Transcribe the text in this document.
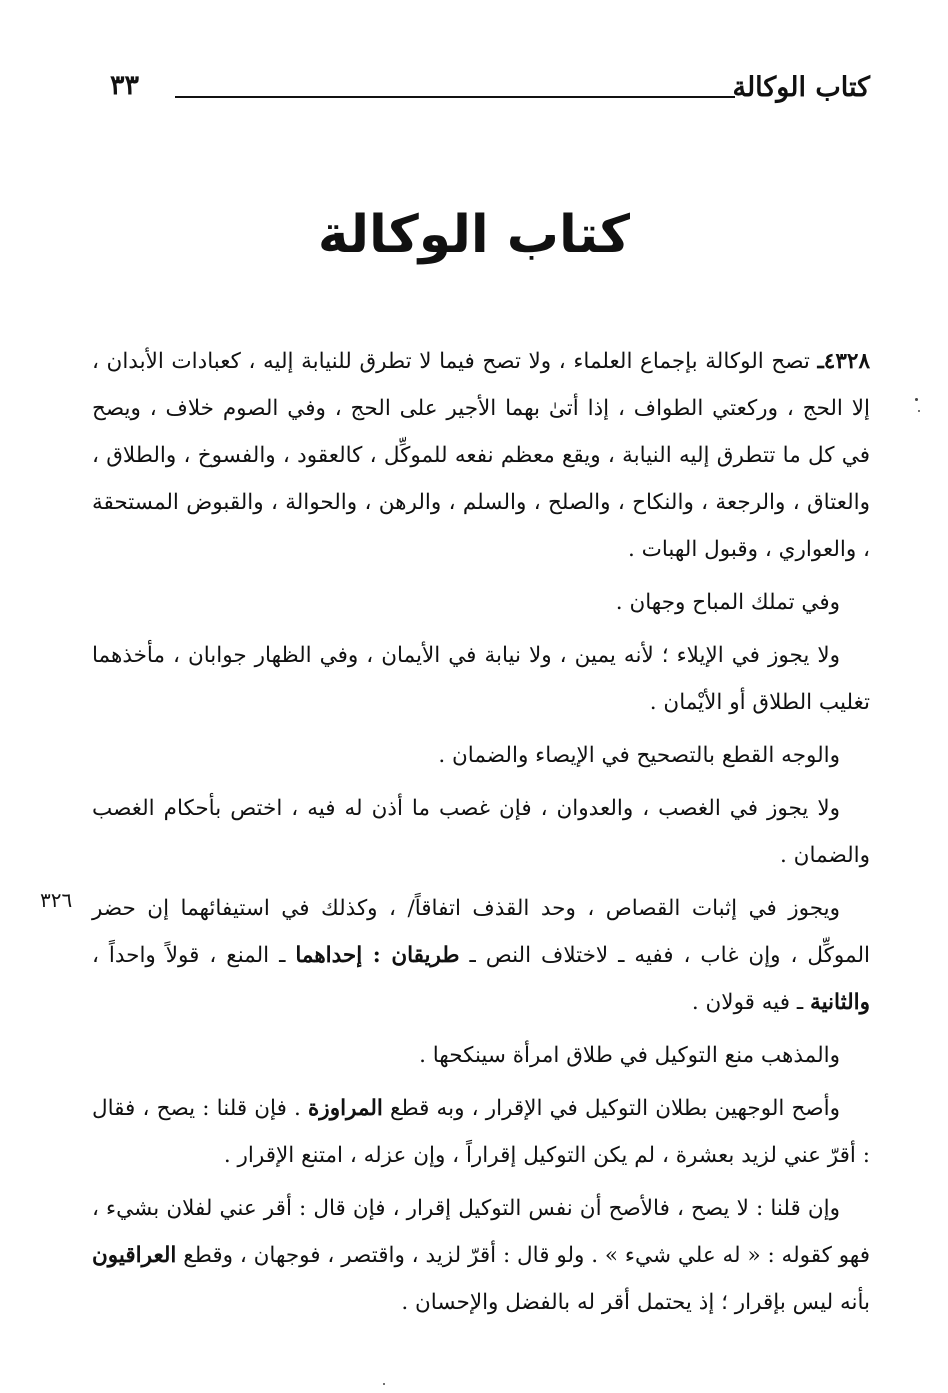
كتاب الوكالة
٣٣
كتاب الوكالة
٣٢٦

٤٣٢٨ـ تصح الوكالة بإجماع العلماء ، ولا تصح فيما لا تطرق للنيابة إليه ، كعبادات الأبدان ، إلا الحج ، وركعتي الطواف ، إذا أتىٰ بهما الأجير على الحج ، وفي الصوم خلاف ، ويصح في كل ما تتطرق إليه النيابة ، ويقع معظم نفعه للموكِّل ، كالعقود ، والفسوخ ، والطلاق ، والعتاق ، والرجعة ، والنكاح ، والصلح ، والسلم ، والرهن ، والحوالة ، والقبوض المستحقة ، والعواري ، وقبول الهبات .

وفي تملك المباح وجهان .

ولا يجوز في الإيلاء ؛ لأنه يمين ، ولا نيابة في الأيمان ، وفي الظهار جوابان ، مأخذهما تغليب الطلاق أو الأيْمان .

والوجه القطع بالتصحيح في الإيصاء والضمان .

ولا يجوز في الغصب ، والعدوان ، فإن غصب ما أذن له فيه ، اختص بأحكام الغصب والضمان .

ويجوز في إثبات القصاص ، وحد القذف اتفاقاً/ ، وكذلك في استيفائهما إن حضر الموكِّل ، وإن غاب ، ففيه ـ لاختلاف النص ـ طريقان : إحداهما ـ المنع ، قولاً واحداً ، والثانية ـ فيه قولان .

والمذهب منع التوكيل في طلاق امرأة سينكحها .

وأصح الوجهين بطلان التوكيل في الإقرار ، وبه قطع المراوزة . فإن قلنا : يصح ، فقال : أقرّ عني لزيد بعشرة ، لم يكن التوكيل إقراراً ، وإن عزله ، امتنع الإقرار .

وإن قلنا : لا يصح ، فالأصح أن نفس التوكيل إقرار ، فإن قال : أقر عني لفلان بشيء ، فهو كقوله : « له علي شيء » . ولو قال : أقرّ لزيد ، واقتصر ، فوجهان ، وقطع العراقيون بأنه ليس بإقرار ؛ إذ يحتمل أقر له بالفضل والإحسان .
